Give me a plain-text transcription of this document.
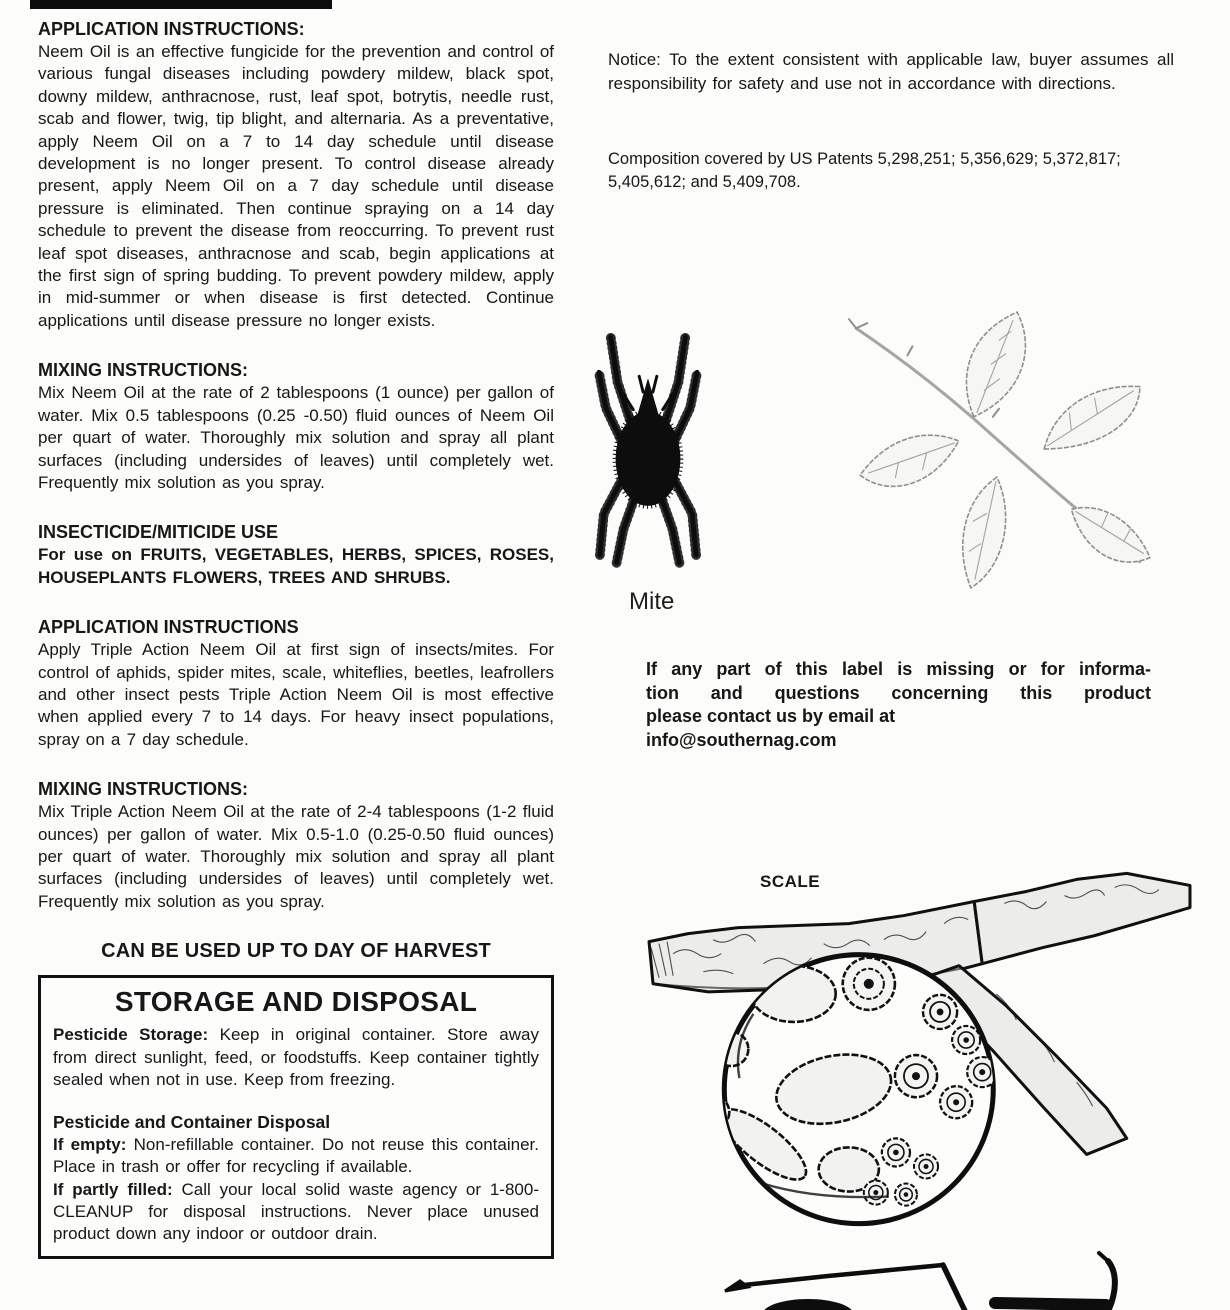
APPLICATION INSTRUCTIONS:

Neem Oil is an effective fungicide for the prevention and control of various fungal diseases including powdery mildew, black spot, downy mildew, anthracnose, rust, leaf spot, botrytis, needle rust, scab and flower, twig, tip blight, and alternaria. As a preventative, apply Neem Oil on a 7 to 14 day schedule until disease development is no longer present. To control disease already present, apply Neem Oil on a 7 day schedule until disease pressure is eliminated. Then continue spraying on a 14 day schedule to prevent the disease from reoccurring. To prevent rust leaf spot diseases, anthracnose and scab, begin applications at the first sign of spring budding. To prevent powdery mildew, apply in mid-summer or when disease is first detected. Continue applications until disease pressure no longer exists.

MIXING INSTRUCTIONS:

Mix Neem Oil at the rate of 2 tablespoons (1 ounce) per gallon of water. Mix 0.5 tablespoons (0.25 -0.50) fluid ounces of Neem Oil per quart of water. Thoroughly mix solution and spray all plant surfaces (including undersides of leaves) until completely wet. Frequently mix solution as you spray.

INSECTICIDE/MITICIDE USE

For use on FRUITS, VEGETABLES, HERBS, SPICES, ROSES, HOUSEPLANTS FLOWERS, TREES AND SHRUBS.

APPLICATION INSTRUCTIONS

Apply Triple Action Neem Oil at first sign of insects/mites. For control of aphids, spider mites, scale, whiteflies, beetles, leafrollers and other insect pests Triple Action Neem Oil is most effective when applied every 7 to 14 days. For heavy insect populations, spray on a 7 day schedule.

MIXING INSTRUCTIONS:

Mix Triple Action Neem Oil at the rate of 2-4 tablespoons (1-2 fluid ounces) per gallon of water. Mix 0.5-1.0 (0.25-0.50 fluid ounces) per quart of water. Thoroughly mix solution and spray all plant surfaces (including undersides of leaves) until completely wet. Frequently mix solution as you spray.

CAN BE USED UP TO DAY OF HARVEST

STORAGE AND DISPOSAL

Pesticide Storage: Keep in original container. Store away from direct sunlight, feed, or foodstuffs. Keep container tightly sealed when not in use. Keep from freezing.

Pesticide and Container Disposal

If empty: Non-refillable container. Do not reuse this container. Place in trash or offer for recycling if available.

If partly filled: Call your local solid waste agency or 1-800-CLEANUP for disposal instructions. Never place unused product down any indoor or outdoor drain.

Notice: To the extent consistent with applicable law, buyer assumes all responsibility for safety and use not in accordance with directions.
Composition covered by US Patents 5,298,251; 5,356,629; 5,372,817; 5,405,612; and 5,409,708.
Mite
If any part of this label is missing or for informa-
tion and questions concerning this product
please contact us by email at
info@southernag.com
SCALE
